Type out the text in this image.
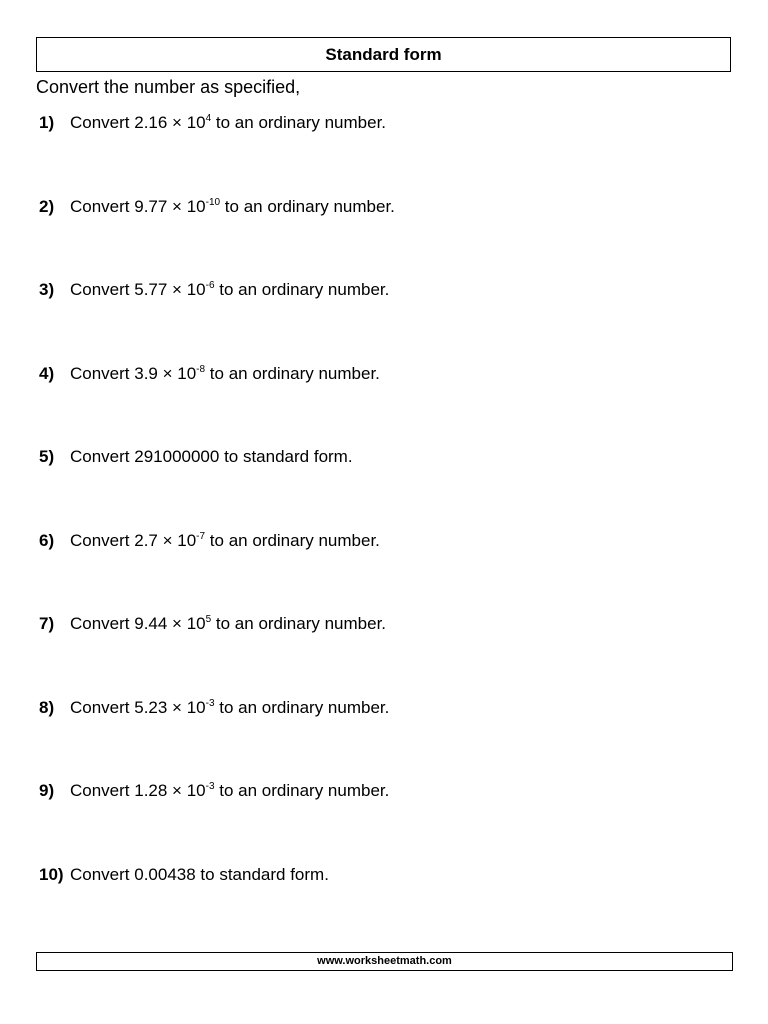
Standard form
Convert the number as specified,
1) Convert $2.16 \times 10^4$ to an ordinary number.
2) Convert $9.77 \times 10^{-10}$ to an ordinary number.
3) Convert $5.77 \times 10^{-6}$ to an ordinary number.
4) Convert $3.9 \times 10^{-8}$ to an ordinary number.
5) Convert 291000000 to standard form.
6) Convert $2.7 \times 10^{-7}$ to an ordinary number.
7) Convert $9.44 \times 10^5$ to an ordinary number.
8) Convert $5.23 \times 10^{-3}$ to an ordinary number.
9) Convert $1.28 \times 10^{-3}$ to an ordinary number.
10) Convert 0.00438 to standard form.
www.worksheetmath.com
